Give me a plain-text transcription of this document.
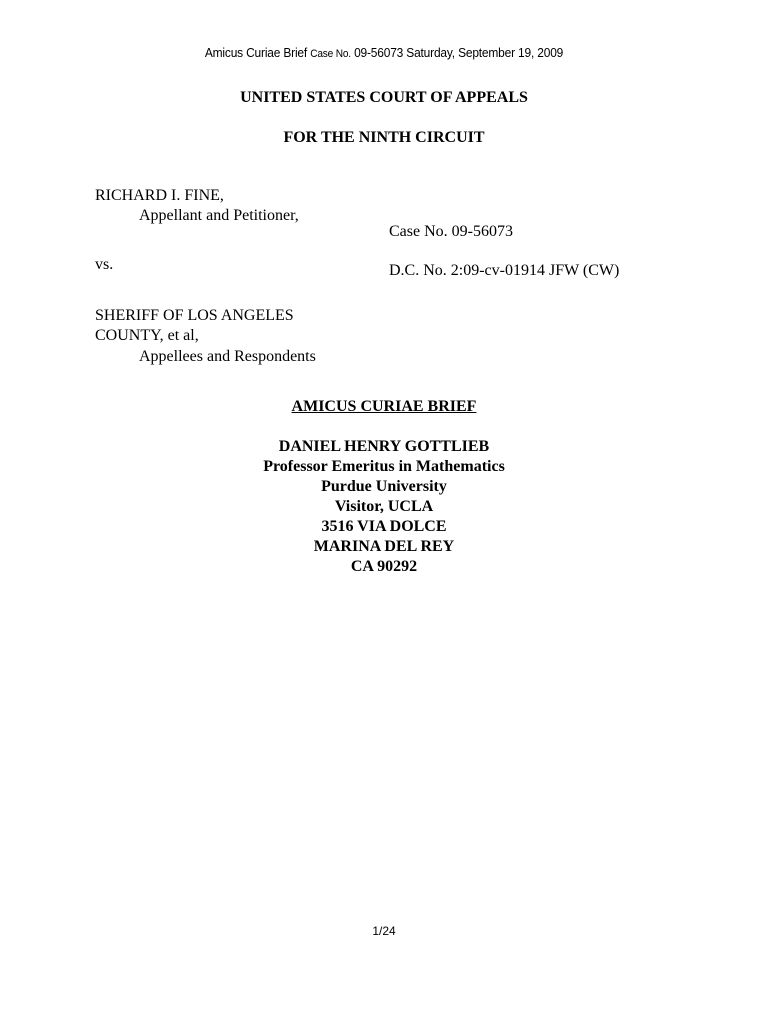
Amicus Curiae Brief Case No. 09-56073 Saturday, September 19, 2009
UNITED STATES COURT OF APPEALS
FOR THE NINTH CIRCUIT
RICHARD I. FINE,
Appellant and Petitioner,
Case No. 09-56073
vs.	D.C. No. 2:09-cv-01914 JFW (CW)
SHERIFF OF LOS ANGELES
COUNTY, et al,
Appellees and Respondents
AMICUS CURIAE BRIEF
DANIEL HENRY GOTTLIEB
Professor Emeritus in Mathematics
Purdue University
Visitor, UCLA
3516 VIA DOLCE
MARINA DEL REY
CA 90292
1/24
